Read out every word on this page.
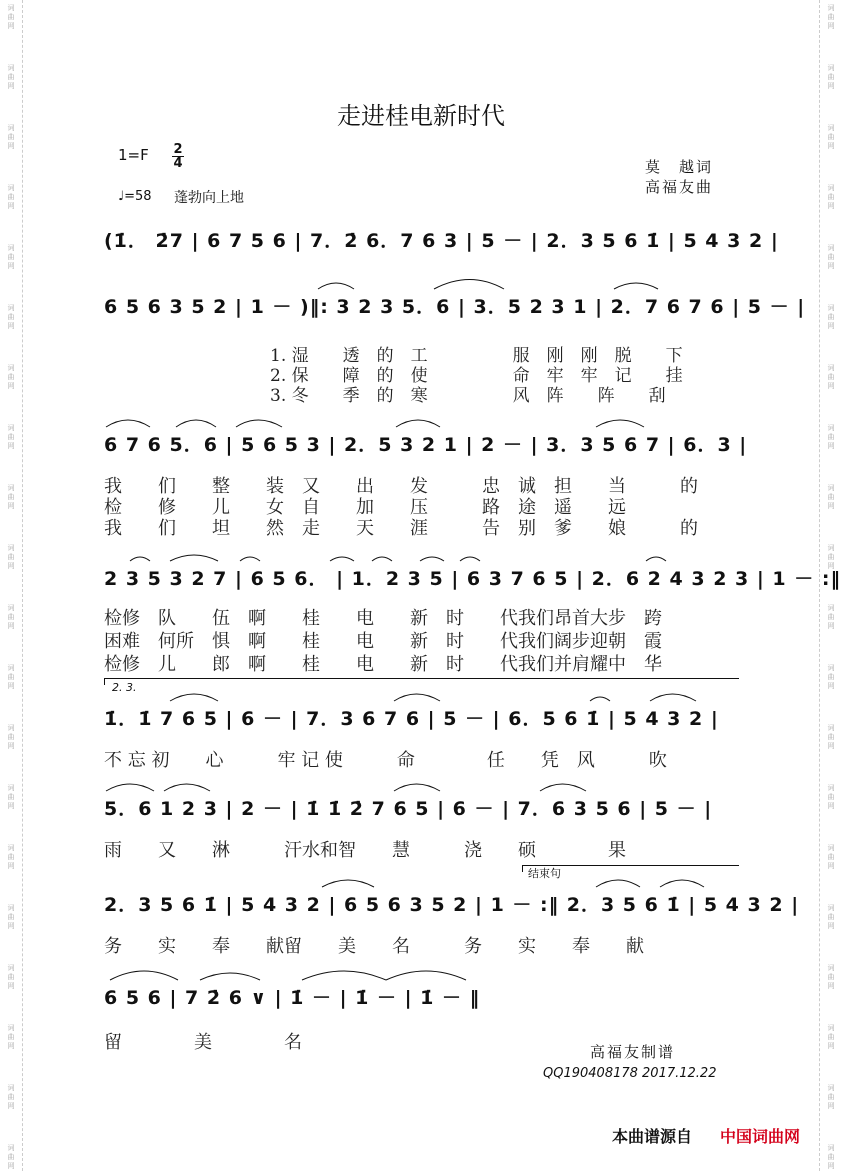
词
曲
网
词
曲
网
词
曲
网
词
曲
网
词
曲
网
词
曲
网
词
曲
网
词
曲
网
词
曲
网
词
曲
网
词
曲
网
词
曲
网
词
曲
网
词
曲
网
词
曲
网
词
曲
网
词
曲
网
词
曲
网
词
曲
网
词
曲
网
词
曲
网
词
曲
网
词
曲
网
词
曲
网
词
曲
网
词
曲
网
词
曲
网
词
曲
网
词
曲
网
词
曲
网
词
曲
网
词
曲
网
词
曲
网
词
曲
网
词
曲
网
词
曲
网
词
曲
网
词
曲
网
词
曲
网
词
曲
网
走进桂电新时代
1=F 2
4
♩=58 蓬勃向上地
莫　越词
高福友曲
(1̇． 2̇7 | 6 7 5 6 | 7．2̇ 6．7 6 3 | 5 － | 2．3 5 6 1̇ | 5 4 3 2 |
6 5 6 3 5 2 | 1 － )‖: 3 2 3 5．6 | 3．5 2 3 1 | 2．7 6 7 6 | 5 － |
1. 湿　　透　的　工　　　　　服　刚　刚　脱　　下
2. 保　　障　的　使　　　　　命　牢　牢　记　　挂
3. 冬　　季　的　寒　　　　　风　阵　　阵　　刮
6 7 6 5．6 | 5 6 5 3 | 2．5 3 2 1 | 2 － | 3．3 5 6 7 | 6．3 |
我　　们　　整　　装　又　　出　　发　　　忠　诚　担　　当　　　的
检　　修　　儿　　女　自　　加　　压　　　路　途　遥　　远
我　　们　　坦　　然　走　　天　　涯　　　告　别　爹　　娘　　　的
2 3 5 3 2 7 | 6 5 6． | 1．2 3 5 | 6 3 7 6 5 | 2．6 2 4 3 2 3 | 1 － :‖
检修　队　　伍　啊　　桂　　电　　新　时　　代我们昂首大步　跨
困难　何所　惧　啊　　桂　　电　　新　时　　代我们阔步迎朝　霞
检修　儿　　郎　啊　　桂　　电　　新　时　　代我们并肩耀中　华
2. 3.
1̇．1̇ 7 6 5 | 6 － | 7．3 6 7 6 | 5 － | 6．5 6 1̇ | 5 4 3 2 |
不 忘 初　　心　　　牢 记 使　　　命　　　　任　　凭　风　　　吹
5．6 1 2 3 | 2 － | 1̇ 1̇ 2̇ 7 6 5 | 6 － | 7．6 3 5 6 | 5 － |
雨　　又　　淋　　　汗水和智　　慧　　　浇　　硕　　　　果
结束句
2．3 5 6 1̇ | 5 4 3 2 | 6 5 6 3 5 2 | 1 － :‖ 2．3 5 6 1̇ | 5 4 3 2 |
务　　实　　奉　　献留　　美　　名　　　务　　实　　奉　　献
6 5 6 | 7 2̇ 6 ∨ | 1̇ － | 1̇ － | 1̇ － ‖
留　　　　美　　　　名	高福友制谱
QQ190408178 2017.12.22
本曲谱源自 中国词曲网
